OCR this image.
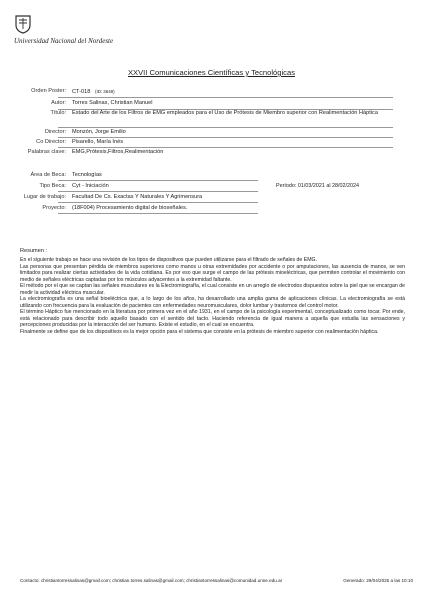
Universidad Nacional del Nordeste
XXVII Comunicaciones Científicas y Tecnológicas
Orden Poster: CT-018 (ID: 3648)
Autor: Torres Salinas, Christian Manuel
Título: Estado del Arte de los Filtros de EMG empleados para el Uso de Prótesis de Miembro superior con Realimentación Háptica
Director: Monzón, Jorge Emilio
Co Director: Pisarello, María Inés
Palabras clave: EMG,Prótesis,Filtros,Realimentación
Área de Beca: Tecnologías
Tipo Beca: Cyt - Iniciación	Período: 01/03/2021 al 28/02/2024
Lugar de trabajo: Facultad De Cs. Exactas Y Naturales Y Agrimensura
Proyecto: (18F004) Procesamiento digital de bioseñales.
Resumen :

En el siguiente trabajo se hace una revisión de los tipos de dispositivos que pueden utilizarse para el filtrado de señales de EMG.

Las personas que presentan pérdida de miembros superiores como manos u otras extremidades por accidente o por amputaciones, las ausencia de manos, se ven limitados para realizar ciertas actividades de la vida cotidiana. Es por eso que surge el campo de las prótesis mioeléctricas, que permiten controlar el movimiento con medio de señales eléctricas captadas por los músculos adyacentes a la extremidad faltante.

El método por el que se captan las señales musculares es la Electromiografía, el cual consiste en un arreglo de electrodos dispuestos sobre la piel que se encargan de medir la actividad eléctrica muscular.

La electromiografía es una señal bioeléctrica que, a lo largo de los años, ha desarrollado una amplia gama de aplicaciones clínicas. La electromiografía se está utilizando con frecuencia para la evaluación de pacientes con enfermedades neuromusculares, dolor lumbar y trastornos del control motor.

El término Háptico fue mencionado en la literatura por primera vez en el año 1931, en el campo de la psicología experimental, conceptualizado como tocar. Por ende, está relacionado para describir todo aquello basado con el sentido del tacto. Haciendo referencia de igual manera a aquella que estudia las sensaciones y percepciones producidas por la interacción del ser humano. Existe el estudio, en el cual se encuentra.

Finalmente se define que de los dispositivos es la mejor opción para el sistema que consiste en la prótesis de miembro superior con realimentación háptica.

Contacto: christiantorressalinas@gmail.com; christian.torres.salinas@gmail.com; christiantorressalinas@comunidad.unne.edu.ar	Generado: 29/04/2025 a las 10:10
